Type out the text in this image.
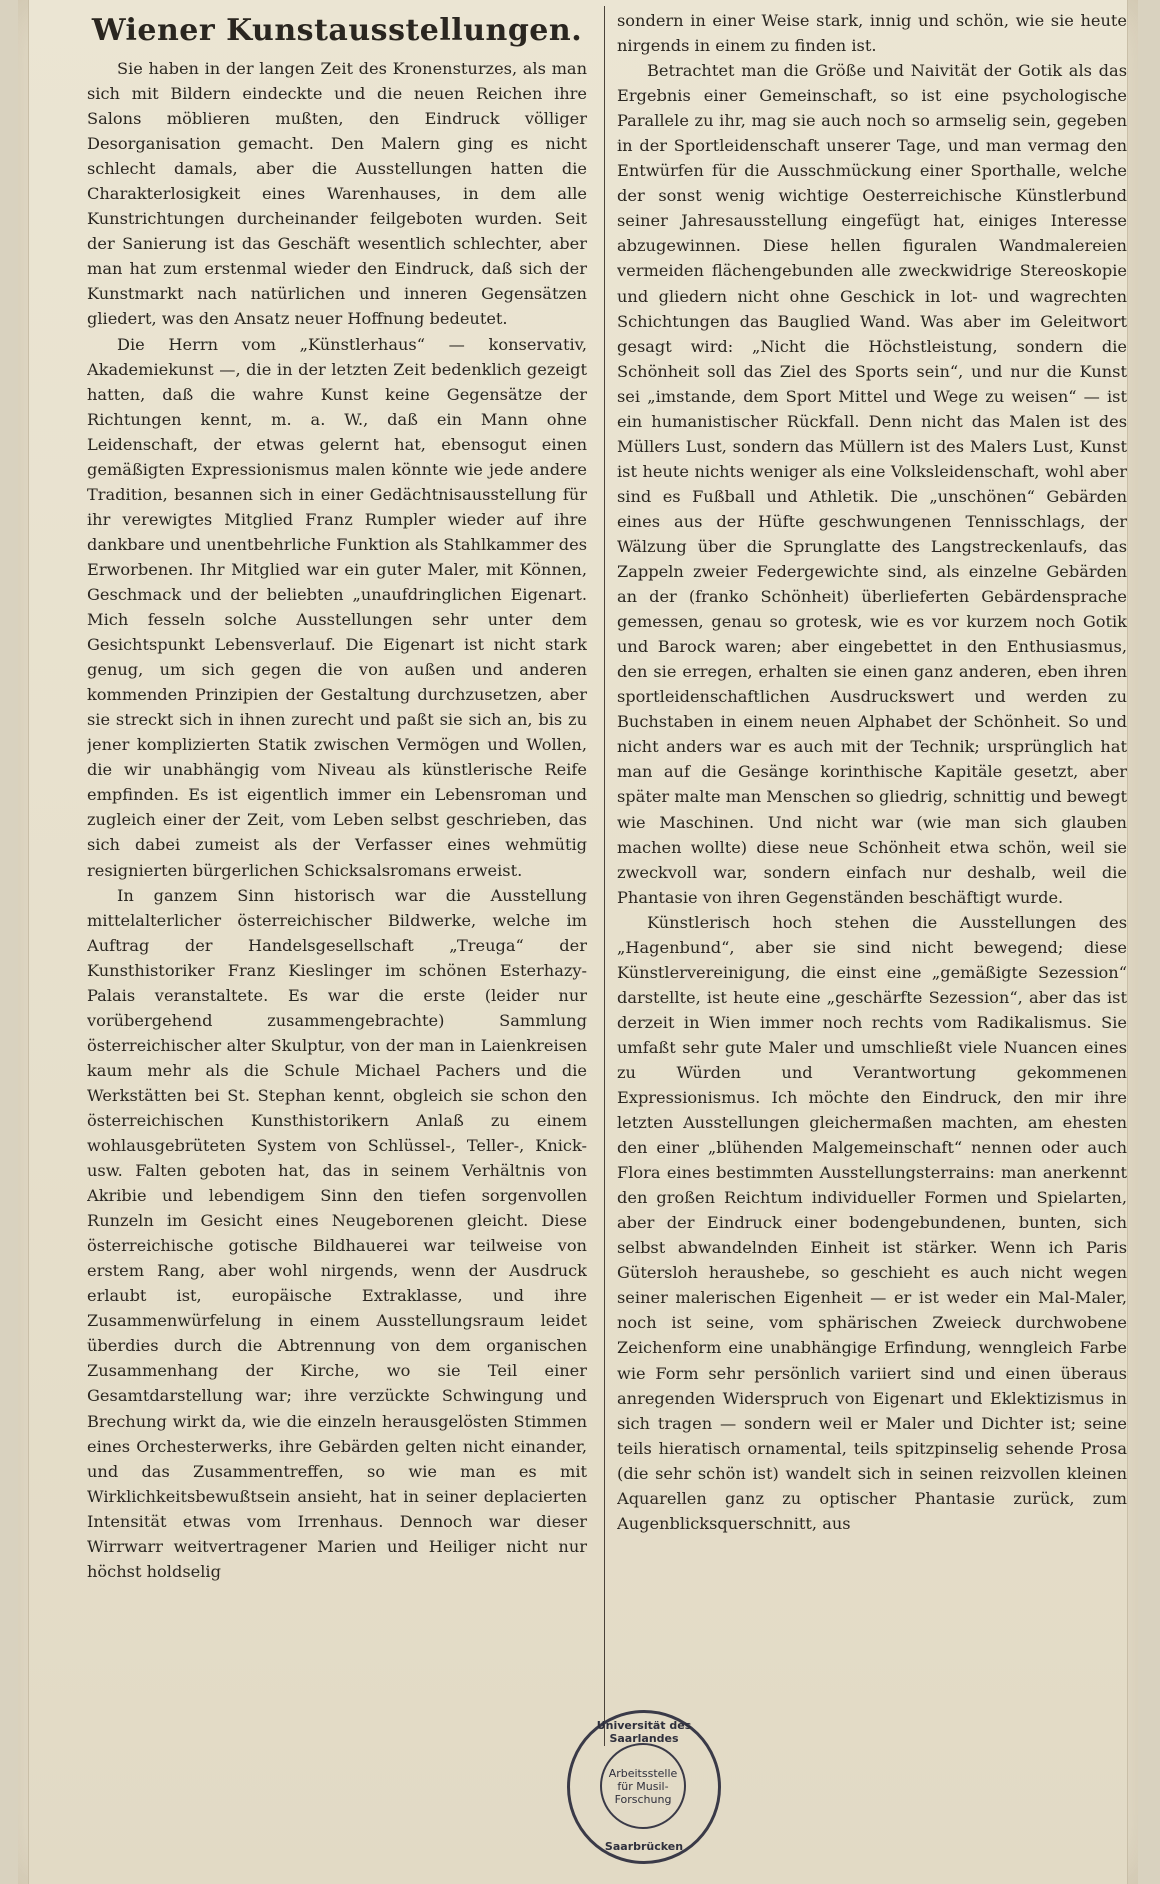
Wiener Kunstausstellungen.

Sie haben in der langen Zeit des Kronensturzes, als man sich mit Bildern eindeckte und die neuen Reichen ihre Salons möblieren mußten, den Eindruck völliger Desorganisation gemacht. Den Malern ging es nicht schlecht damals, aber die Ausstellungen hatten die Charakterlosigkeit eines Warenhauses, in dem alle Kunstrichtungen durcheinander feilgeboten wurden. Seit der Sanierung ist das Geschäft wesentlich schlechter, aber man hat zum erstenmal wieder den Eindruck, daß sich der Kunstmarkt nach natürlichen und inneren Gegensätzen gliedert, was den Ansatz neuer Hoffnung bedeutet.

Die Herrn vom „Künstlerhaus“ — konservativ, Akademiekunst —, die in der letzten Zeit bedenklich gezeigt hatten, daß die wahre Kunst keine Gegensätze der Richtungen kennt, m. a. W., daß ein Mann ohne Leidenschaft, der etwas gelernt hat, ebensogut einen gemäßigten Expressionismus malen könnte wie jede andere Tradition, besannen sich in einer Gedächtnisausstellung für ihr verewigtes Mitglied Franz Rumpler wieder auf ihre dankbare und unentbehrliche Funktion als Stahlkammer des Erworbenen. Ihr Mitglied war ein guter Maler, mit Können, Geschmack und der beliebten „unaufdringlichen Eigenart. Mich fesseln solche Ausstellungen sehr unter dem Gesichtspunkt Lebensverlauf. Die Eigenart ist nicht stark genug, um sich gegen die von außen und anderen kommenden Prinzipien der Gestaltung durchzusetzen, aber sie streckt sich in ihnen zurecht und paßt sie sich an, bis zu jener komplizierten Statik zwischen Vermögen und Wollen, die wir unabhängig vom Niveau als künstlerische Reife empfinden. Es ist eigentlich immer ein Lebensroman und zugleich einer der Zeit, vom Leben selbst geschrieben, das sich dabei zumeist als der Verfasser eines wehmütig resignierten bürgerlichen Schicksalsromans erweist.

In ganzem Sinn historisch war die Ausstellung mittelalterlicher österreichischer Bildwerke, welche im Auftrag der Handelsgesellschaft „Treuga“ der Kunsthistoriker Franz Kieslinger im schönen Esterhazy-Palais veranstaltete. Es war die erste (leider nur vorübergehend zusammengebrachte) Sammlung österreichischer alter Skulptur, von der man in Laienkreisen kaum mehr als die Schule Michael Pachers und die Werkstätten bei St. Stephan kennt, obgleich sie schon den österreichischen Kunsthistorikern Anlaß zu einem wohlausgebrüteten System von Schlüssel-, Teller-, Knick- usw. Falten geboten hat, das in seinem Verhältnis von Akribie und lebendigem Sinn den tiefen sorgenvollen Runzeln im Gesicht eines Neugeborenen gleicht. Diese österreichische gotische Bildhauerei war teilweise von erstem Rang, aber wohl nirgends, wenn der Ausdruck erlaubt ist, europäische Extraklasse, und ihre Zusammenwürfelung in einem Ausstellungsraum leidet überdies durch die Abtrennung von dem organischen Zusammenhang der Kirche, wo sie Teil einer Gesamtdarstellung war; ihre verzückte Schwingung und Brechung wirkt da, wie die einzeln herausgelösten Stimmen eines Orchesterwerks, ihre Gebärden gelten nicht einander, und das Zusammentreffen, so wie man es mit Wirklichkeitsbewußtsein ansieht, hat in seiner deplacierten Intensität etwas vom Irrenhaus. Dennoch war dieser Wirrwarr weitvertragener Marien und Heiliger nicht nur höchst holdselig

sondern in einer Weise stark, innig und schön, wie sie heute nirgends in einem zu finden ist.

Betrachtet man die Größe und Naivität der Gotik als das Ergebnis einer Gemeinschaft, so ist eine psychologische Parallele zu ihr, mag sie auch noch so armselig sein, gegeben in der Sportleidenschaft unserer Tage, und man vermag den Entwürfen für die Ausschmückung einer Sporthalle, welche der sonst wenig wichtige Oesterreichische Künstlerbund seiner Jahresausstellung eingefügt hat, einiges Interesse abzugewinnen. Diese hellen figuralen Wandmalereien vermeiden flächengebunden alle zweckwidrige Stereoskopie und gliedern nicht ohne Geschick in lot- und wagrechten Schichtungen das Bauglied Wand. Was aber im Geleitwort gesagt wird: „Nicht die Höchstleistung, sondern die Schönheit soll das Ziel des Sports sein“, und nur die Kunst sei „imstande, dem Sport Mittel und Wege zu weisen“ — ist ein humanistischer Rückfall. Denn nicht das Malen ist des Müllers Lust, sondern das Müllern ist des Malers Lust, Kunst ist heute nichts weniger als eine Volksleidenschaft, wohl aber sind es Fußball und Athletik. Die „unschönen“ Gebärden eines aus der Hüfte geschwungenen Tennisschlags, der Wälzung über die Sprunglatte des Langstreckenlaufs, das Zappeln zweier Federgewichte sind, als einzelne Gebärden an der (franko Schönheit) überlieferten Gebärdensprache gemessen, genau so grotesk, wie es vor kurzem noch Gotik und Barock waren; aber eingebettet in den Enthusiasmus, den sie erregen, erhalten sie einen ganz anderen, eben ihren sportleidenschaftlichen Ausdruckswert und werden zu Buchstaben in einem neuen Alphabet der Schönheit. So und nicht anders war es auch mit der Technik; ursprünglich hat man auf die Gesänge korinthische Kapitäle gesetzt, aber später malte man Menschen so gliedrig, schnittig und bewegt wie Maschinen. Und nicht war (wie man sich glauben machen wollte) diese neue Schönheit etwa schön, weil sie zweckvoll war, sondern einfach nur deshalb, weil die Phantasie von ihren Gegenständen beschäftigt wurde.

Künstlerisch hoch stehen die Ausstellungen des „Hagenbund“, aber sie sind nicht bewegend; diese Künstlervereinigung, die einst eine „gemäßigte Sezession“ darstellte, ist heute eine „geschärfte Sezession“, aber das ist derzeit in Wien immer noch rechts vom Radikalismus. Sie umfaßt sehr gute Maler und umschließt viele Nuancen eines zu Würden und Verantwortung gekommenen Expressionismus. Ich möchte den Eindruck, den mir ihre letzten Ausstellungen gleichermaßen machten, am ehesten den einer „blühenden Malgemeinschaft“ nennen oder auch Flora eines bestimmten Ausstellungsterrains: man anerkennt den großen Reichtum individueller Formen und Spielarten, aber der Eindruck einer bodengebundenen, bunten, sich selbst abwandelnden Einheit ist stärker. Wenn ich Paris Gütersloh heraushebe, so geschieht es auch nicht wegen seiner malerischen Eigenheit — er ist weder ein Mal-Maler, noch ist seine, vom sphärischen Zweieck durchwobene Zeichenform eine unabhängige Erfindung, wenngleich Farbe wie Form sehr persönlich variiert sind und einen überaus anregenden Widerspruch von Eigenart und Eklektizismus in sich tragen — sondern weil er Maler und Dichter ist; seine teils hieratisch ornamental, teils spitzpinselig sehende Prosa (die sehr schön ist) wandelt sich in seinen reizvollen kleinen Aquarellen ganz zu optischer Phantasie zurück, zum Augenblicksquerschnitt, aus

Universität des Saarlandes
Arbeitsstelle
für Musil-
Forschung
Saarbrücken
